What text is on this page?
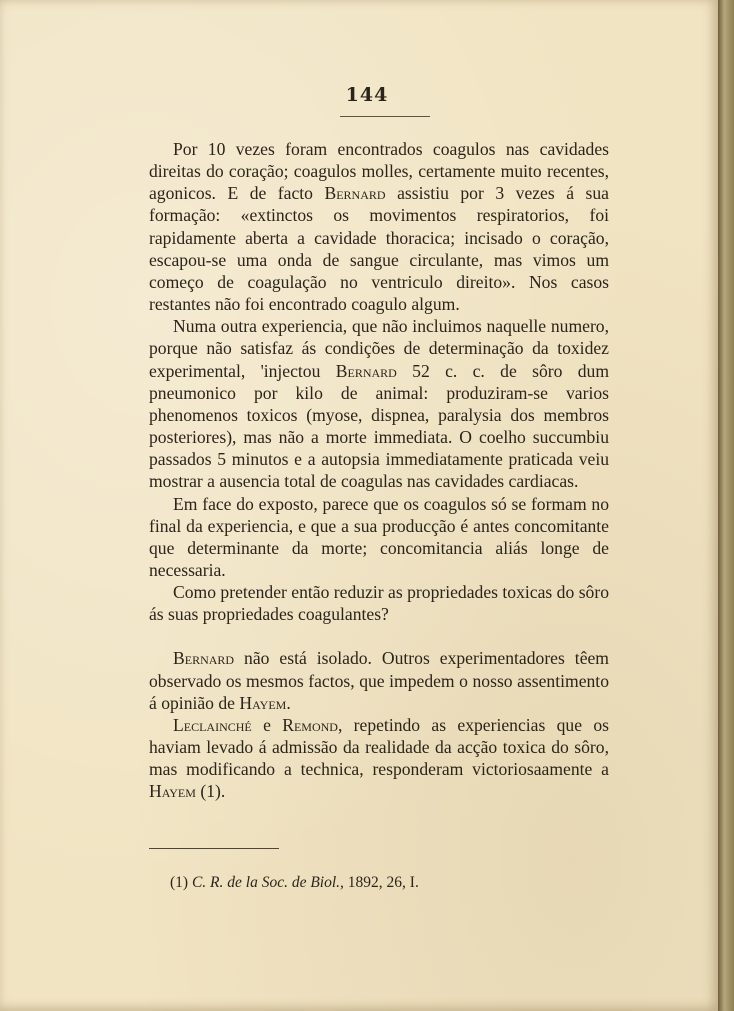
144

Por 10 vezes foram encontrados coagulos nas cavidades direitas do coração; coagulos molles, certamente muito recentes, agonicos. E de facto Bernard assistiu por 3 vezes á sua formação: «extinctos os movimentos respiratorios, foi rapidamente aberta a cavidade thoracica; incisado o coração, escapou-se uma onda de sangue circulante, mas vimos um começo de coagulação no ventriculo direito». Nos casos restantes não foi encontrado coagulo algum.

Numa outra experiencia, que não incluimos naquelle numero, porque não satisfaz ás condições de determinação da toxidez experimental, 'injectou Bernard 52 c. c. de sôro dum pneumonico por kilo de animal: produziram-se varios phenomenos toxicos (myose, dispnea, paralysia dos membros posteriores), mas não a morte immediata. O coelho succumbiu passados 5 minutos e a autopsia immediatamente praticada veiu mostrar a ausencia total de coagulas nas cavidades cardiacas.

Em face do exposto, parece que os coagulos só se formam no final da experiencia, e que a sua producção é antes concomitante que determinante da morte; concomitancia aliás longe de necessaria.

Como pretender então reduzir as propriedades toxicas do sôro ás suas propriedades coagulantes?

Bernard não está isolado. Outros experimentadores têem observado os mesmos factos, que impedem o nosso assentimento á opinião de Hayem.

Leclainché e Remond, repetindo as experiencias que os haviam levado á admissão da realidade da acção toxica do sôro, mas modificando a technica, responderam victoriosaamente a Hayem (1).

(1) C. R. de la Soc. de Biol., 1892, 26, I.
